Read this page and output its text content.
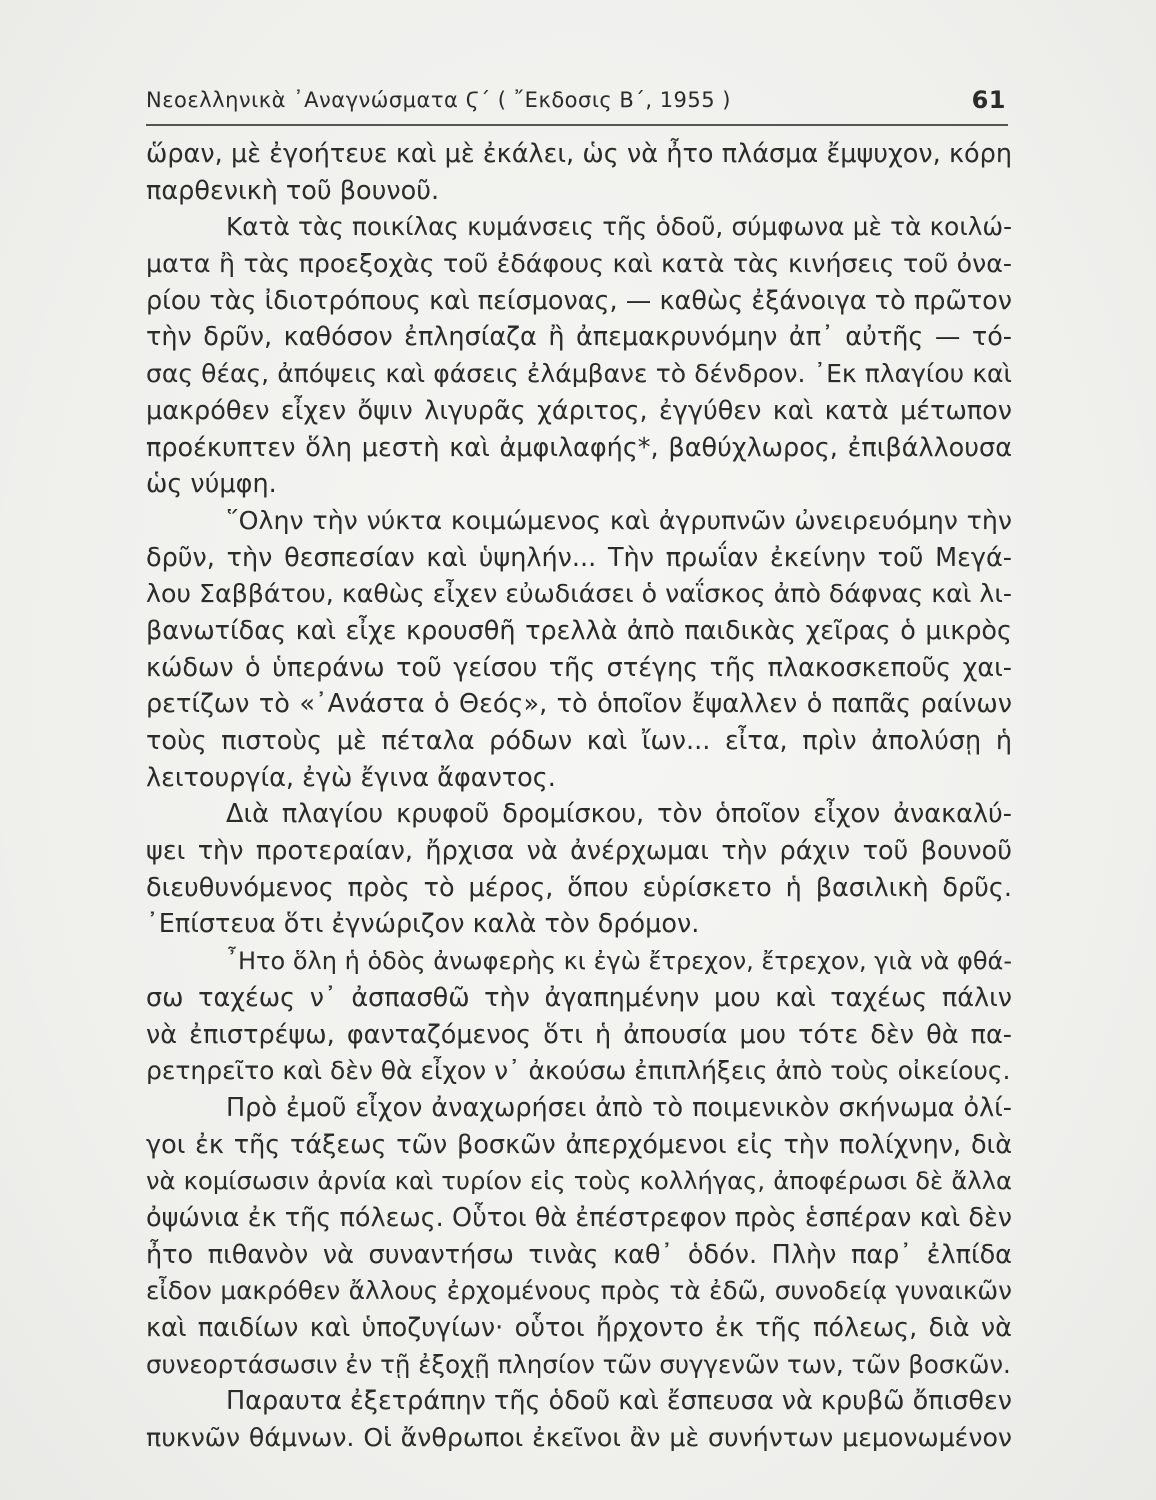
Νεοελληνικὰ ᾿Αναγνώσματα Ϛ´ ( ῎Εκδοσις Β´, 1955 )	61
ὥραν, μὲ ἐγοήτευε καὶ μὲ ἐκάλει, ὡς νὰ ἦτο πλάσμα ἔμψυχον, κόρη
παρθενικὴ τοῦ βουνοῦ.
Κατὰ τὰς ποικίλας κυμάνσεις τῆς ὁδοῦ, σύμφωνα μὲ τὰ κοιλώ-
ματα ἢ τὰς προεξοχὰς τοῦ ἐδάφους καὶ κατὰ τὰς κινήσεις τοῦ ὀνα-
ρίου τὰς ἰδιοτρόπους καὶ πείσμονας, — καθὼς ἐξάνοιγα τὸ πρῶτον
τὴν δρῦν, καθόσον ἐπλησίαζα ἢ ἀπεμακρυνόμην ἀπ᾿ αὐτῆς — τό-
σας θέας, ἀπόψεις καὶ φάσεις ἐλάμβανε τὸ δένδρον. ᾿Εκ πλαγίου καὶ
μακρόθεν εἶχεν ὄψιν λιγυρᾶς χάριτος, ἐγγύθεν καὶ κατὰ μέτωπον
προέκυπτεν ὅλη μεστὴ καὶ ἀμφιλαφής*, βαθύχλωρος, ἐπιβάλλουσα
ὡς νύμφη.
῞Ολην τὴν νύκτα κοιμώμενος καὶ ἀγρυπνῶν ὠνειρευόμην τὴν
δρῦν, τὴν θεσπεσίαν καὶ ὑψηλήν... Τὴν πρωΐαν ἐκείνην τοῦ Μεγά-
λου Σαββάτου, καθὼς εἶχεν εὐωδιάσει ὁ ναΐσκος ἀπὸ δάφνας καὶ λι-
βανωτίδας καὶ εἶχε κρουσθῆ τρελλὰ ἀπὸ παιδικὰς χεῖρας ὁ μικρὸς
κώδων ὁ ὑπεράνω τοῦ γείσου τῆς στέγης τῆς πλακοσκεποῦς χαι-
ρετίζων τὸ «᾿Ανάστα ὁ Θεός», τὸ ὁποῖον ἔψαλλεν ὁ παπᾶς ραίνων
τοὺς πιστοὺς μὲ πέταλα ρόδων καὶ ἴων... εἶτα, πρὶν ἀπολύσῃ ἡ
λειτουργία, ἐγὼ ἔγινα ἄφαντος.
Διὰ πλαγίου κρυφοῦ δρομίσκου, τὸν ὁποῖον εἶχον ἀνακαλύ-
ψει τὴν προτεραίαν, ἤρχισα νὰ ἀνέρχωμαι τὴν ράχιν τοῦ βουνοῦ
διευθυνόμενος πρὸς τὸ μέρος, ὅπου εὑρίσκετο ἡ βασιλικὴ δρῦς.
᾿Επίστευα ὅτι ἐγνώριζον καλὰ τὸν δρόμον.
῏Ητο ὅλη ἡ ὁδὸς ἀνωφερὴς κι ἐγὼ ἔτρεχον, ἔτρεχον, γιὰ νὰ φθά-
σω ταχέως ν᾿ ἀσπασθῶ τὴν ἀγαπημένην μου καὶ ταχέως πάλιν
νὰ ἐπιστρέψω, φανταζόμενος ὅτι ἡ ἀπουσία μου τότε δὲν θὰ πα-
ρετηρεῖτο καὶ δὲν θὰ εἶχον ν᾿ ἀκούσω ἐπιπλήξεις ἀπὸ τοὺς οἰκείους.
Πρὸ ἐμοῦ εἶχον ἀναχωρήσει ἀπὸ τὸ ποιμενικὸν σκήνωμα ὀλί-
γοι ἐκ τῆς τάξεως τῶν βοσκῶν ἀπερχόμενοι εἰς τὴν πολίχνην, διὰ
νὰ κομίσωσιν ἀρνία καὶ τυρίον εἰς τοὺς κολλήγας, ἀποφέρωσι δὲ ἄλλα
ὀψώνια ἐκ τῆς πόλεως. Οὗτοι θὰ ἐπέστρεφον πρὸς ἑσπέραν καὶ δὲν
ἦτο πιθανὸν νὰ συναντήσω τινὰς καθ᾿ ὁδόν. Πλὴν παρ᾿ ἐλπίδα
εἶδον μακρόθεν ἄλλους ἐρχομένους πρὸς τὰ ἐδῶ, συνοδείᾳ γυναικῶν
καὶ παιδίων καὶ ὑποζυγίων· οὗτοι ἤρχοντο ἐκ τῆς πόλεως, διὰ νὰ
συνεορτάσωσιν ἐν τῇ ἐξοχῇ πλησίον τῶν συγγενῶν των, τῶν βοσκῶν.
Παραυτα ἐξετράπην τῆς ὁδοῦ καὶ ἔσπευσα νὰ κρυβῶ ὄπισθεν
πυκνῶν θάμνων. Οἱ ἄνθρωποι ἐκεῖνοι ἂν μὲ συνήντων μεμονωμένον
